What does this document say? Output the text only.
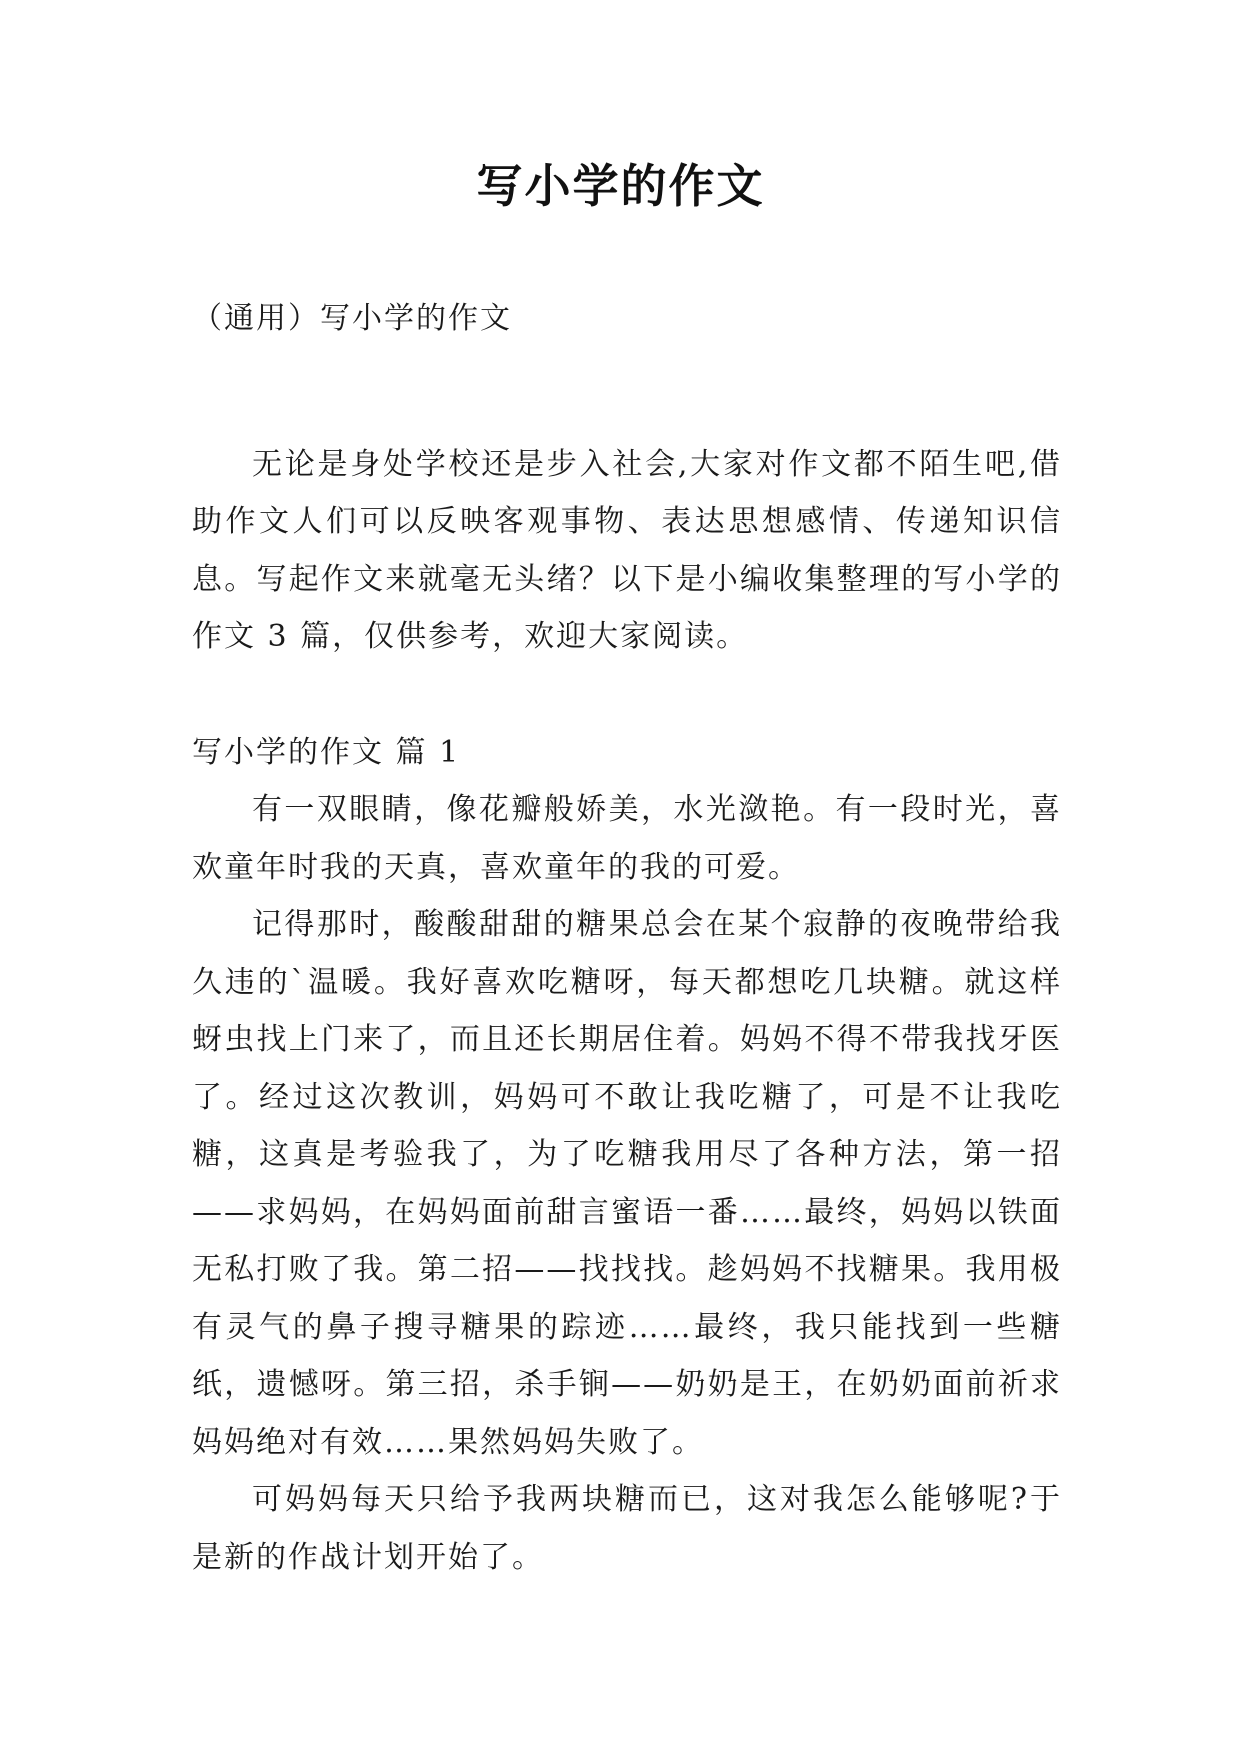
写小学的作文

（通用）写小学的作文

无论是身处学校还是步入社会,大家对作文都不陌生吧,借助作文人们可以反映客观事物、表达思想感情、传递知识信息。写起作文来就毫无头绪？以下是小编收集整理的写小学的作文 3 篇，仅供参考，欢迎大家阅读。

写小学的作文 篇 1

有一双眼睛，像花瓣般娇美，水光潋艳。有一段时光，喜欢童年时我的天真，喜欢童年的我的可爱。

记得那时，酸酸甜甜的糖果总会在某个寂静的夜晚带给我久违的`温暖。我好喜欢吃糖呀，每天都想吃几块糖。就这样蚜虫找上门来了，而且还长期居住着。妈妈不得不带我找牙医了。经过这次教训，妈妈可不敢让我吃糖了，可是不让我吃糖，这真是考验我了，为了吃糖我用尽了各种方法，第一招——求妈妈，在妈妈面前甜言蜜语一番……最终，妈妈以铁面无私打败了我。第二招——找找找。趁妈妈不找糖果。我用极有灵气的鼻子搜寻糖果的踪迹……最终，我只能找到一些糖纸，遗憾呀。第三招，杀手锏——奶奶是王，在奶奶面前祈求妈妈绝对有效……果然妈妈失败了。

可妈妈每天只给予我两块糖而已，这对我怎么能够呢?于是新的作战计划开始了。
